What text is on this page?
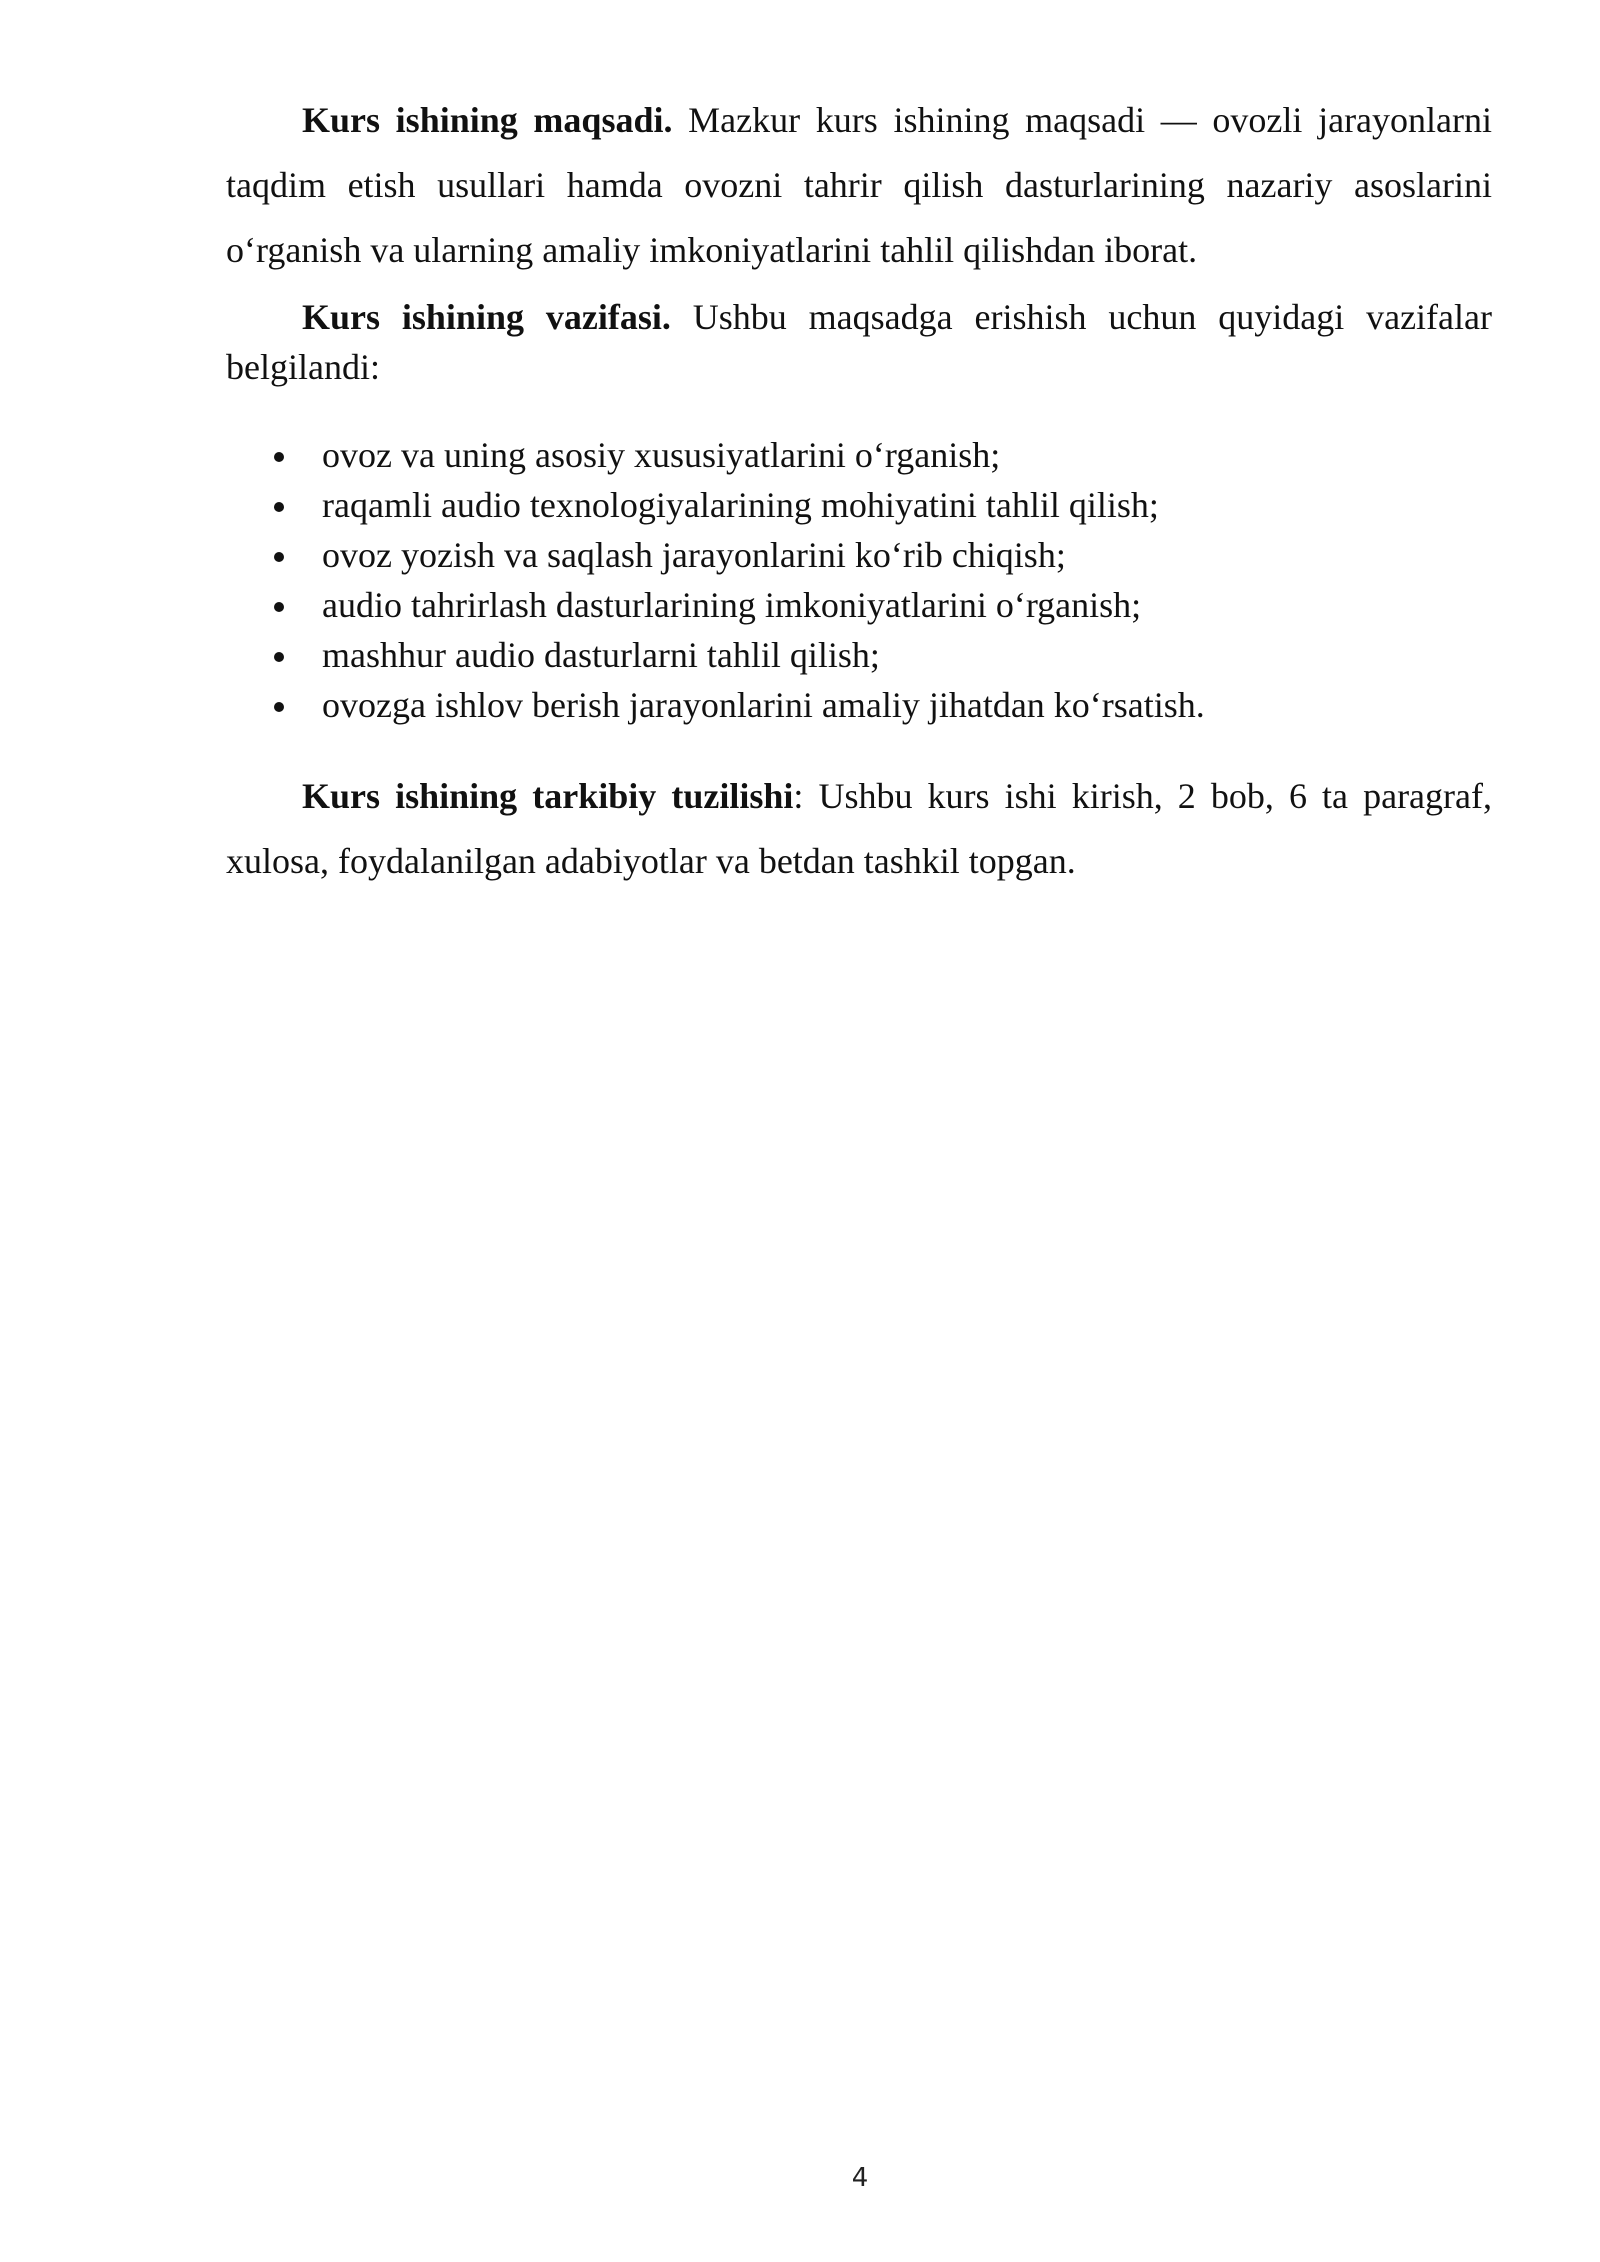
Kurs ishining maqsadi. Mazkur kurs ishining maqsadi — ovozli jarayonlarni taqdim etish usullari hamda ovozni tahrir qilish dasturlarining nazariy asoslarini o‘rganish va ularning amaliy imkoniyatlarini tahlil qilishdan iborat.

Kurs ishining vazifasi. Ushbu maqsadga erishish uchun quyidagi vazifalar belgilandi:

ovoz va uning asosiy xususiyatlarini o‘rganish;
raqamli audio texnologiyalarining mohiyatini tahlil qilish;
ovoz yozish va saqlash jarayonlarini ko‘rib chiqish;
audio tahrirlash dasturlarining imkoniyatlarini o‘rganish;
mashhur audio dasturlarni tahlil qilish;
ovozga ishlov berish jarayonlarini amaliy jihatdan ko‘rsatish.

Kurs ishining tarkibiy tuzilishi: Ushbu kurs ishi kirish, 2 bob, 6 ta paragraf, xulosa, foydalanilgan adabiyotlar va betdan tashkil topgan.

4
